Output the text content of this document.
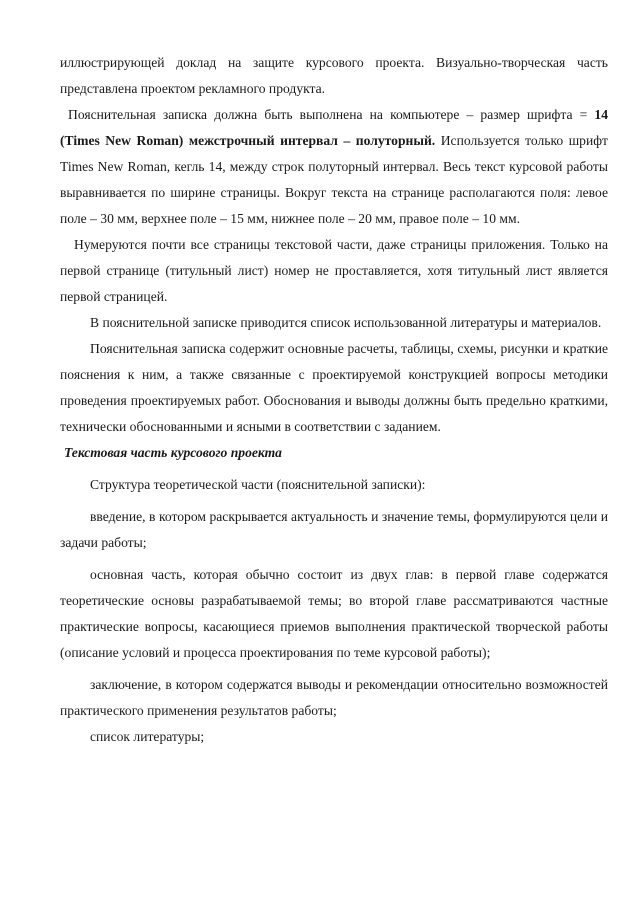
иллюстрирующей доклад на защите курсового проекта. Визуально-творческая часть представлена проектом рекламного продукта.

Пояснительная записка должна быть выполнена на компьютере – размер шрифта = 14 (Times New Roman) межстрочный интервал – полуторный. Используется только шрифт Times New Roman, кегль 14, между строк полуторный интервал. Весь текст курсовой работы выравнивается по ширине страницы. Вокруг текста на странице располагаются поля: левое поле – 30 мм, верхнее поле – 15 мм, нижнее поле – 20 мм, правое поле – 10 мм.

Нумеруются почти все страницы текстовой части, даже страницы приложения. Только на первой странице (титульный лист) номер не проставляется, хотя титульный лист является первой страницей.

В пояснительной записке приводится список использованной литературы и материалов.

Пояснительная записка содержит основные расчеты, таблицы, схемы, рисунки и краткие пояснения к ним, а также связанные с проектируемой конструкцией вопросы методики проведения проектируемых работ. Обоснования и выводы должны быть предельно краткими, технически обоснованными и ясными в соответствии с заданием.

Текстовая часть курсового проекта

Структура теоретической части (пояснительной записки):

введение, в котором раскрывается актуальность и значение темы, формулируются цели и задачи работы;

основная часть, которая обычно состоит из двух глав: в первой главе содержатся теоретические основы разрабатываемой темы; во второй главе рассматриваются частные практические вопросы, касающиеся приемов выполнения практической творческой работы (описание условий и процесса проектирования по теме курсовой работы);

заключение, в котором содержатся выводы и рекомендации относительно возможностей практического применения результатов работы;

список литературы;
